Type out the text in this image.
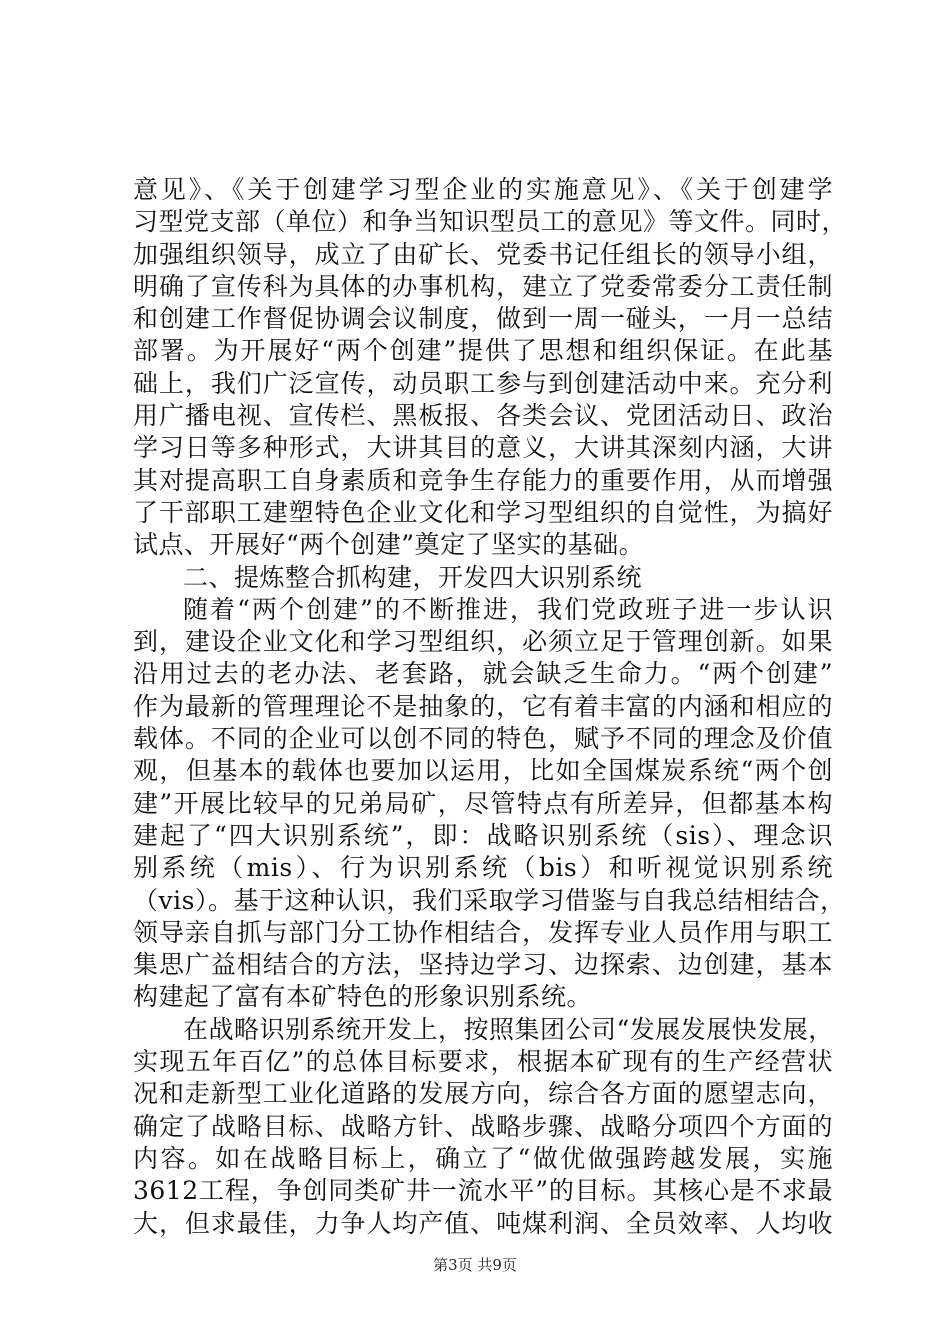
意见》、《关于创建学习型企业的实施意见》、《关于创建学
习型党支部（单位）和争当知识型员工的意见》等文件。同时，
加强组织领导，成立了由矿长、党委书记任组长的领导小组，
明确了宣传科为具体的办事机构，建立了党委常委分工责任制
和创建工作督促协调会议制度，做到一周一碰头，一月一总结
部署。为开展好“两个创建”提供了思想和组织保证。在此基
础上，我们广泛宣传，动员职工参与到创建活动中来。充分利
用广播电视、宣传栏、黑板报、各类会议、党团活动日、政治
学习日等多种形式，大讲其目的意义，大讲其深刻内涵，大讲
其对提高职工自身素质和竞争生存能力的重要作用，从而增强
了干部职工建塑特色企业文化和学习型组织的自觉性，为搞好
试点、开展好“两个创建”奠定了坚实的基础。
二、提炼整合抓构建，开发四大识别系统
随着“两个创建”的不断推进，我们党政班子进一步认识
到，建设企业文化和学习型组织，必须立足于管理创新。如果
沿用过去的老办法、老套路，就会缺乏生命力。“两个创建”
作为最新的管理理论不是抽象的，它有着丰富的内涵和相应的
载体。不同的企业可以创不同的特色，赋予不同的理念及价值
观，但基本的载体也要加以运用，比如全国煤炭系统“两个创
建”开展比较早的兄弟局矿，尽管特点有所差异，但都基本构
建起了“四大识别系统”，即：战略识别系统（sis）、理念识
别系统（mis）、行为识别系统（bis）和听视觉识别系统
（vis）。基于这种认识，我们采取学习借鉴与自我总结相结合，
领导亲自抓与部门分工协作相结合，发挥专业人员作用与职工
集思广益相结合的方法，坚持边学习、边探索、边创建，基本
构建起了富有本矿特色的形象识别系统。
在战略识别系统开发上，按照集团公司“发展发展快发展，
实现五年百亿”的总体目标要求，根据本矿现有的生产经营状
况和走新型工业化道路的发展方向，综合各方面的愿望志向，
确定了战略目标、战略方针、战略步骤、战略分项四个方面的
内容。如在战略目标上，确立了“做优做强跨越发展，实施
3612工程，争创同类矿井一流水平”的目标。其核心是不求最
大，但求最佳，力争人均产值、吨煤利润、全员效率、人均收
第3页 共9页
